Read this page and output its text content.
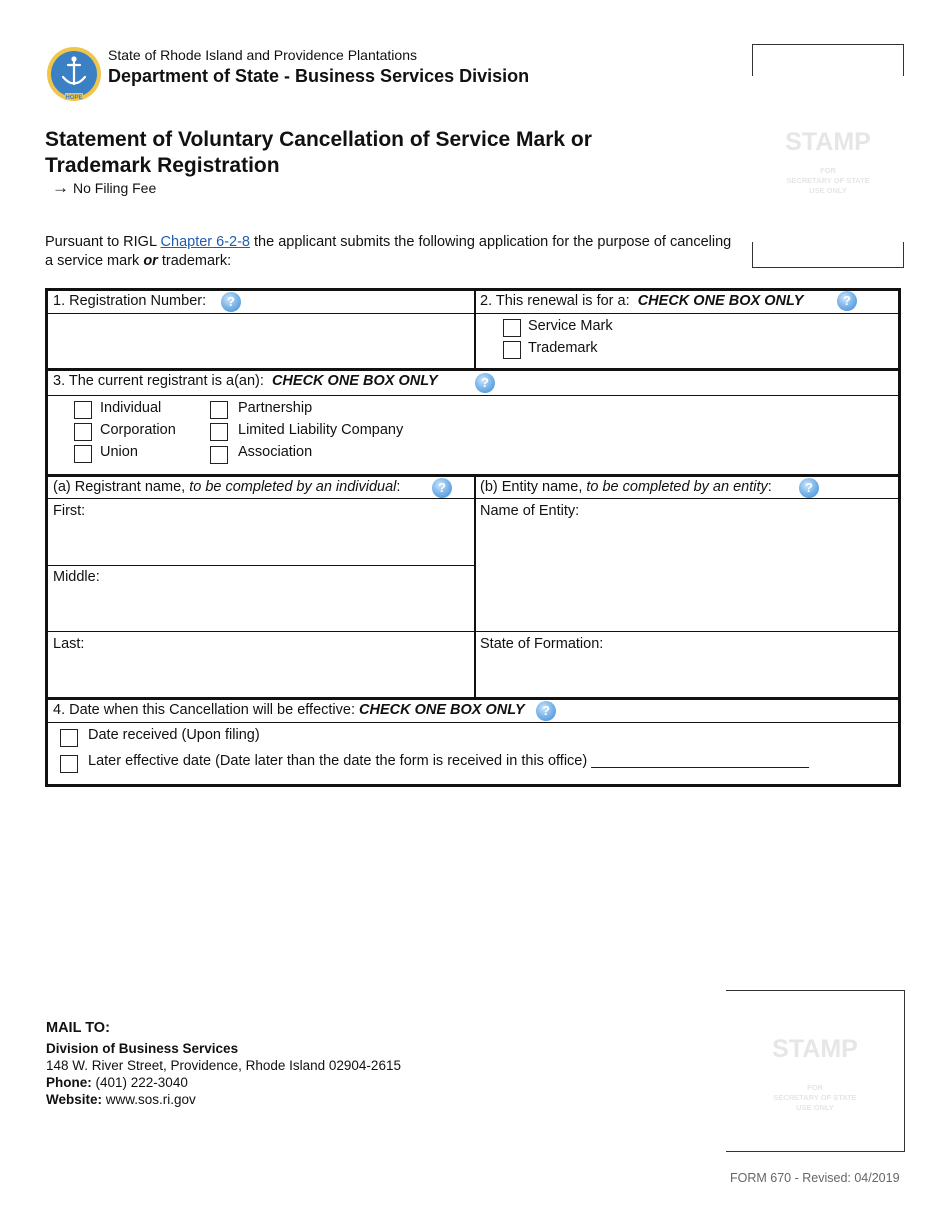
HOPE
State of Rhode Island and Providence Plantations
Department of State - Business Services Division
STAMP
FOR
SECRETARY OF STATE
USE ONLY
Statement of Voluntary Cancellation of Service Mark or
Trademark Registration
→ No Filing Fee
Pursuant to RIGL Chapter 6-2-8 the applicant submits the following application for the purpose of canceling a service mark or trademark:
1. Registration Number:	?	2. This renewal is for a: CHECK ONE BOX ONLY	?
Service Mark
Trademark
3. The current registrant is a(an): CHECK ONE BOX ONLY	?
Individual
Corporation
Union
Partnership
Limited Liability Company
Association
(a) Registrant name, to be completed by an individual:	?	(b) Entity name, to be completed by an entity:	?
First:
Middle:
Last:
Name of Entity:
State of Formation:
4. Date when this Cancellation will be effective: CHECK ONE BOX ONLY	?
Date received (Upon filing)
Later effective date (Date later than the date the form is received in this office) ___________________________
MAIL TO:
Division of Business Services
148 W. River Street, Providence, Rhode Island 02904-2615
Phone: (401) 222-3040
Website: www.sos.ri.gov
STAMP
FOR
SECRETARY OF STATE
USE ONLY
FORM 670 - Revised: 04/2019
